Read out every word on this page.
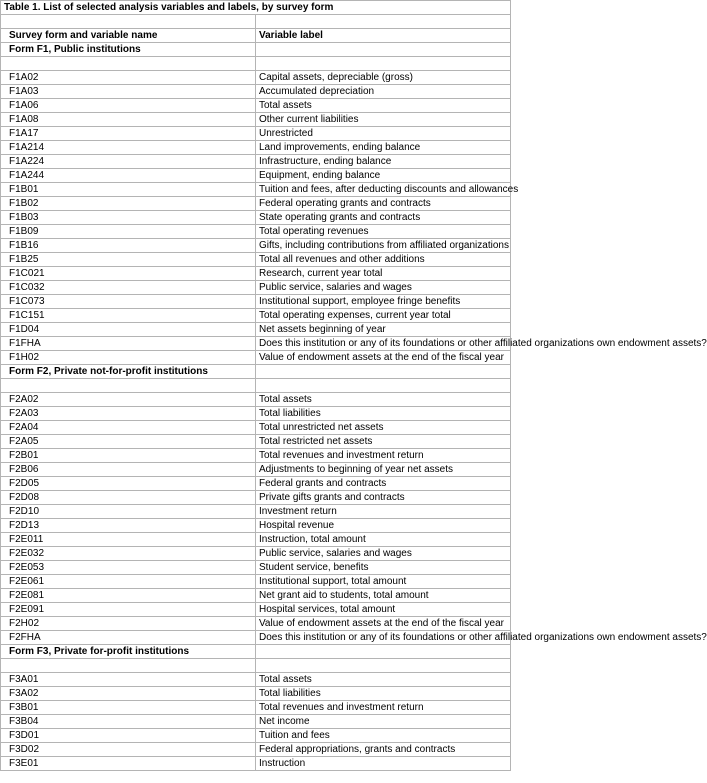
Table 1. List of selected analysis variables and labels, by survey form	

Survey form and variable name	Variable label
Form F1, Public institutions	

F1A02	Capital assets, depreciable (gross)
F1A03	Accumulated depreciation
F1A06	Total assets
F1A08	Other current liabilities
F1A17	Unrestricted
F1A214	Land improvements, ending balance
F1A224	Infrastructure, ending balance
F1A244	Equipment, ending balance
F1B01	Tuition and fees, after deducting discounts and allowances
F1B02	Federal operating grants and contracts
F1B03	State operating grants and contracts
F1B09	Total operating revenues
F1B16	Gifts, including contributions from affiliated organizations
F1B25	Total all revenues and other additions
F1C021	Research, current year total
F1C032	Public service, salaries and wages
F1C073	Institutional support, employee fringe benefits
F1C151	Total operating expenses, current year total
F1D04	Net assets beginning of year
F1FHA	Does this institution or any of its foundations or other affiliated organizations own endowment assets?
F1H02	Value of endowment assets at the end of the fiscal year
Form F2, Private not-for-profit institutions	

F2A02	Total assets
F2A03	Total liabilities
F2A04	Total unrestricted net assets
F2A05	Total restricted net assets
F2B01	Total revenues and investment return
F2B06	Adjustments to beginning of year net assets
F2D05	Federal grants and contracts
F2D08	Private gifts grants and contracts
F2D10	Investment return
F2D13	Hospital revenue
F2E011	Instruction, total amount
F2E032	Public service, salaries and wages
F2E053	Student service, benefits
F2E061	Institutional support, total amount
F2E081	Net grant aid to students, total amount
F2E091	Hospital services, total amount
F2H02	Value of endowment assets at the end of the fiscal year
F2FHA	Does this institution or any of its foundations or other affiliated organizations own endowment assets?
Form F3, Private for-profit institutions	

F3A01	Total assets
F3A02	Total liabilities
F3B01	Total revenues and investment return
F3B04	Net income
F3D01	Tuition and fees
F3D02	Federal appropriations, grants and contracts
F3E01	Instruction
